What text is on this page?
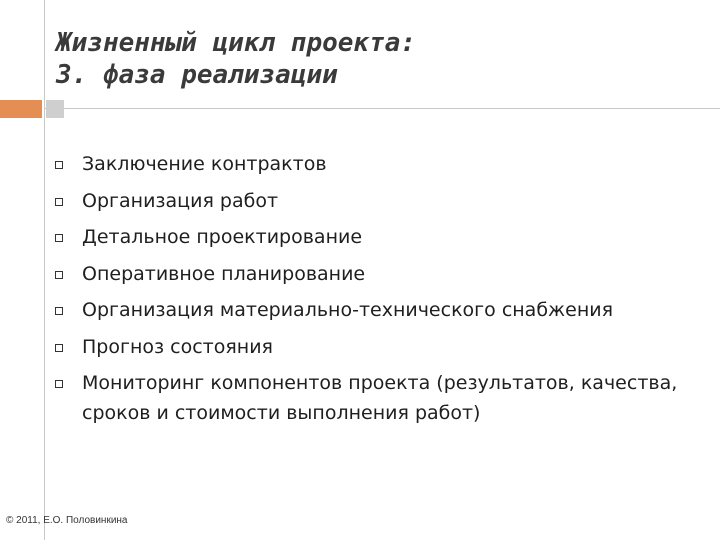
Жизненный цикл проекта:
3. фаза реализации
Заключение контрактов
Организация работ
Детальное проектирование
Оперативное планирование
Организация материально-технического снабжения
Прогноз состояния
Мониторинг компонентов проекта (результатов, качества, сроков и стоимости выполнения работ)

© 2011, Е.О. Половинкина
